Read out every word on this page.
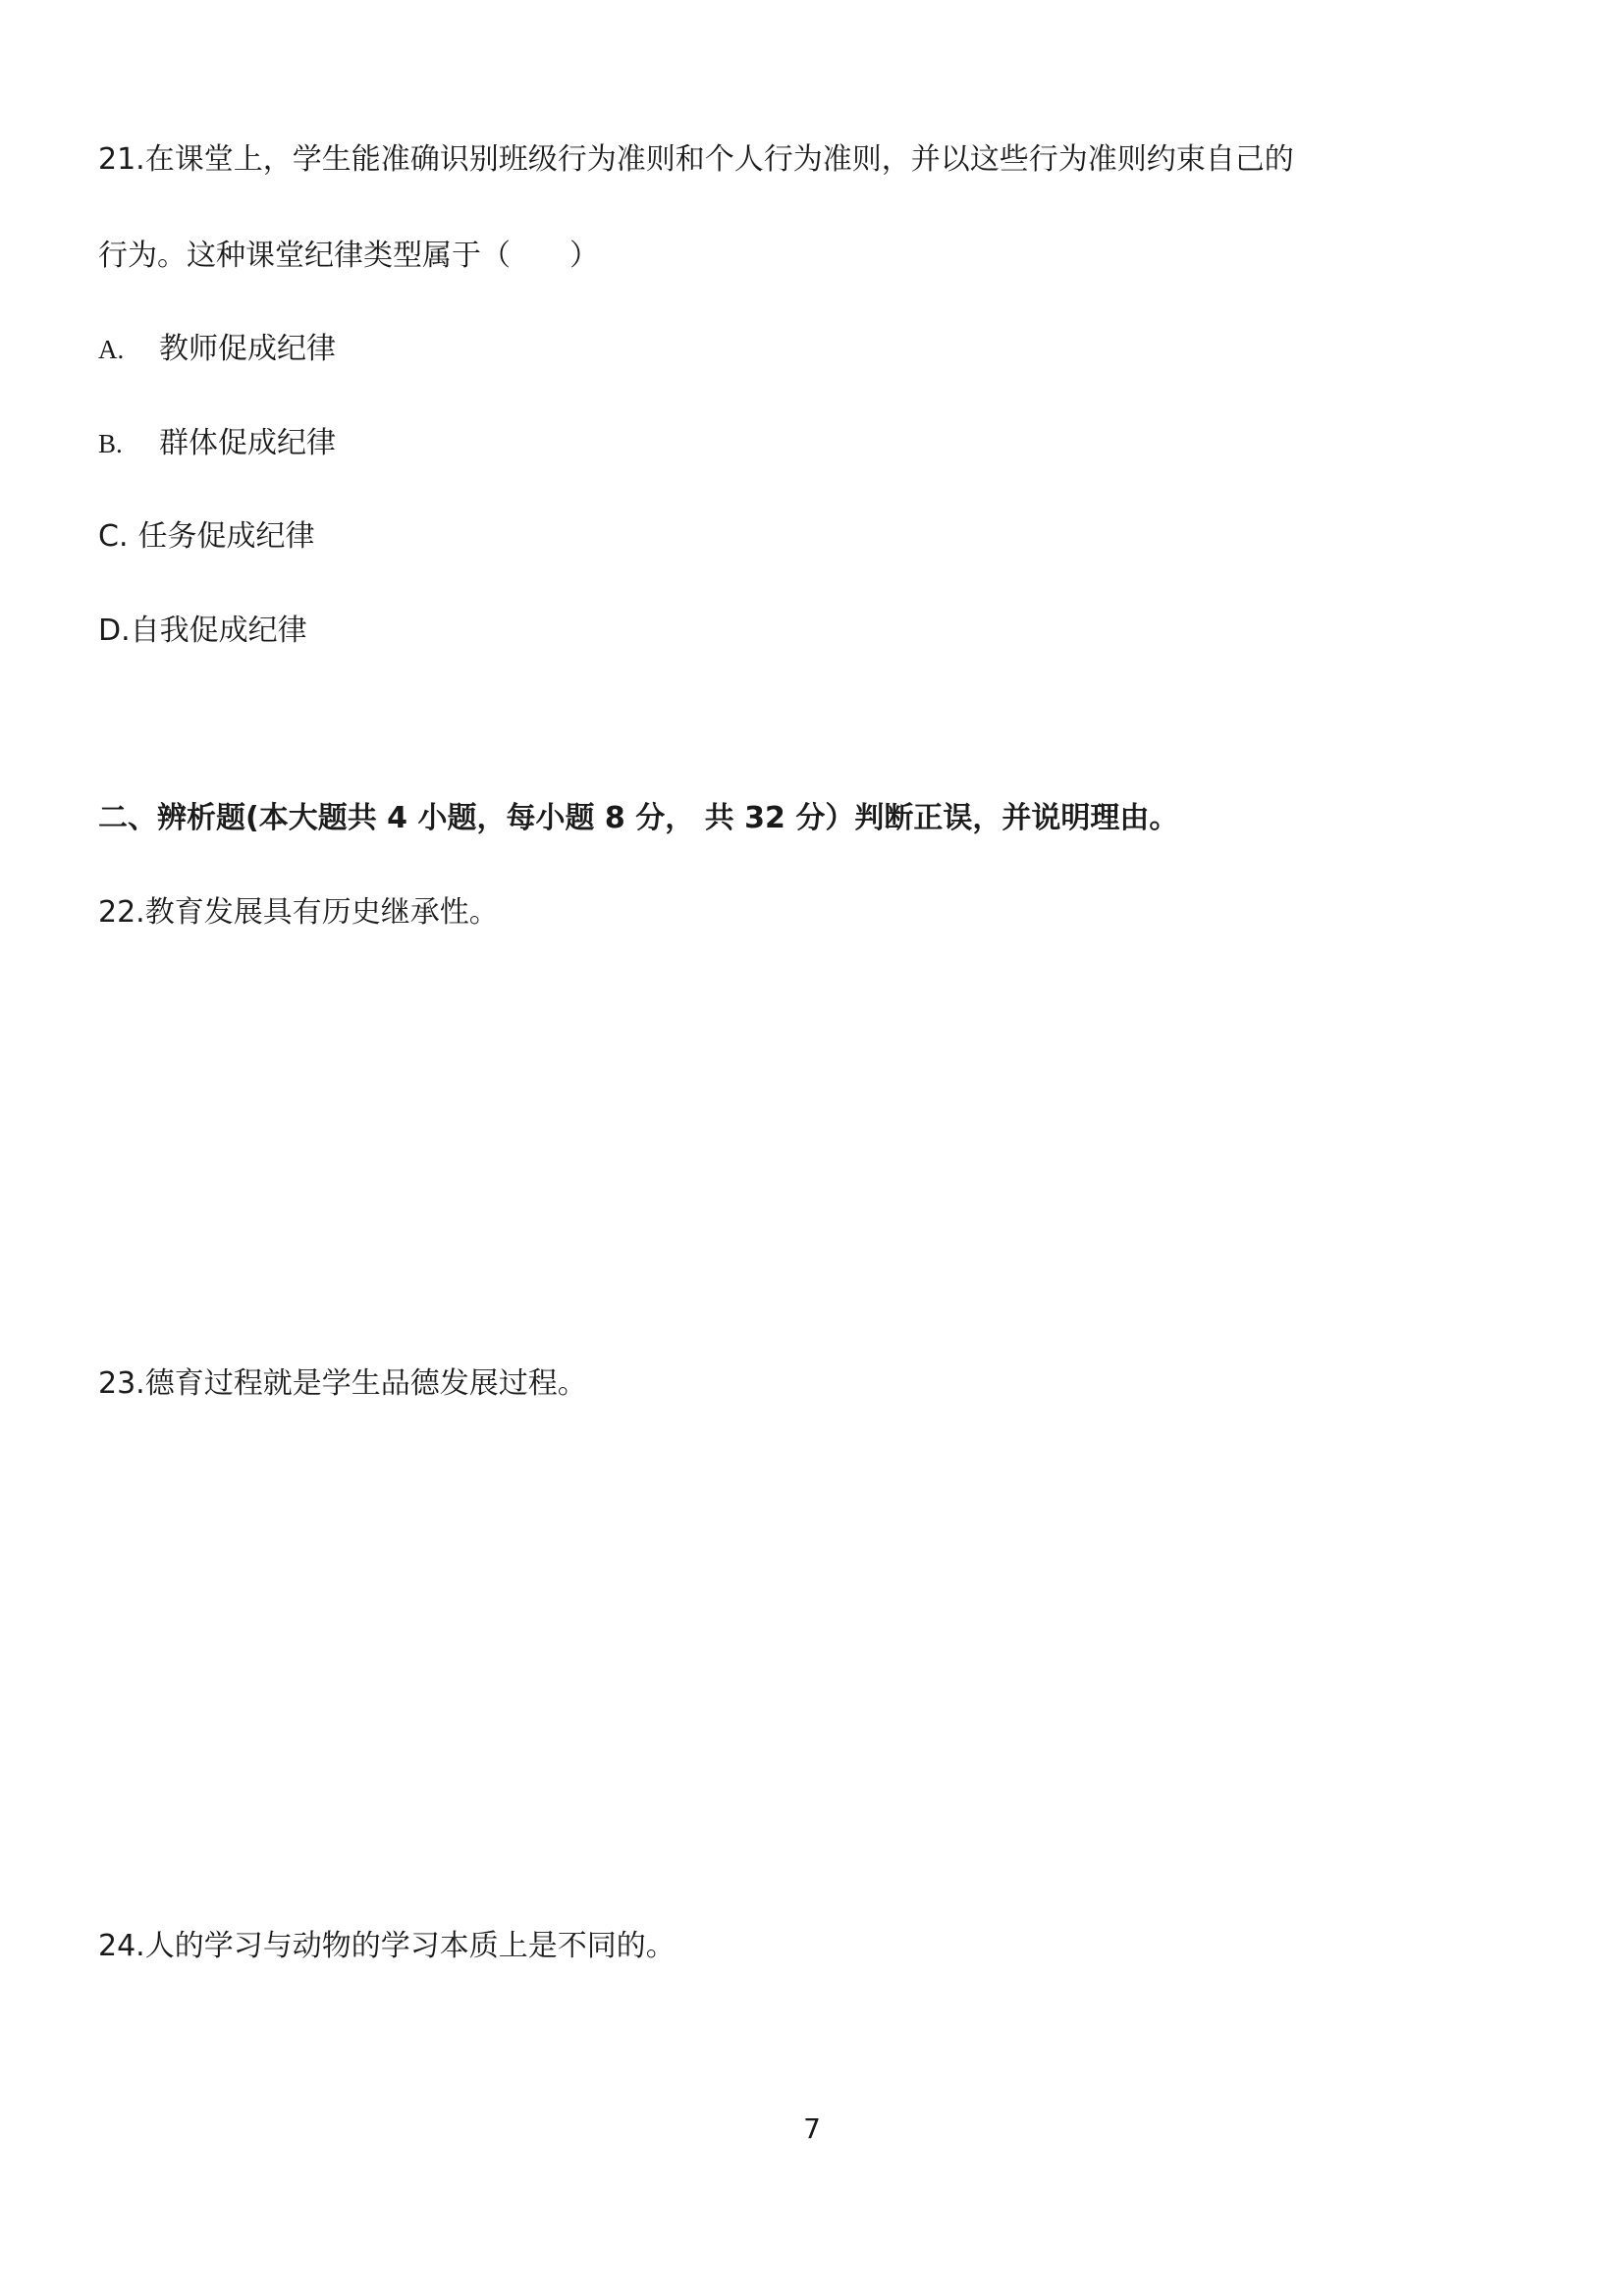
21.在课堂上，学生能准确识别班级行为准则和个人行为准则，并以这些行为准则约束自己的
行为。这种课堂纪律类型属于（　　）
A. 教师促成纪律
B. 群体促成纪律
C. 任务促成纪律
D.自我促成纪律
二、辨析题(本大题共 4 小题，每小题 8 分， 共 32 分）判断正误，并说明理由。
22.教育发展具有历史继承性。
23.德育过程就是学生品德发展过程。
24.人的学习与动物的学习本质上是不同的。
7
